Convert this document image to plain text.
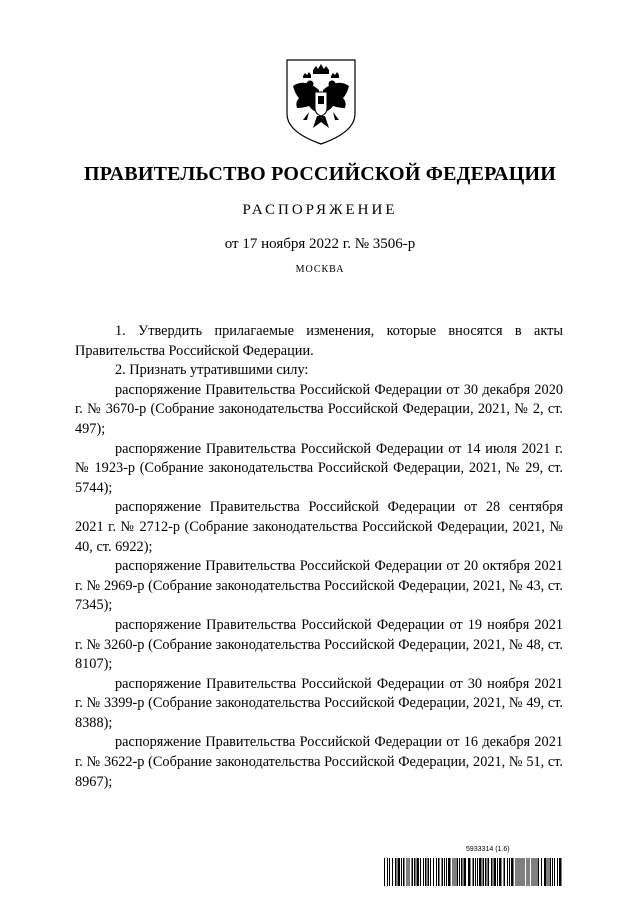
ПРАВИТЕЛЬСТВО РОССИЙСКОЙ ФЕДЕРАЦИИ
РАСПОРЯЖЕНИЕ
от 17 ноября 2022 г. № 3506-р
МОСКВА

1. Утвердить прилагаемые изменения, которые вносятся в акты Правительства Российской Федерации.

2. Признать утратившими силу:

распоряжение Правительства Российской Федерации от 30 декабря 2020 г. № 3670-р (Собрание законодательства Российской Федерации, 2021, № 2, ст. 497);

распоряжение Правительства Российской Федерации от 14 июля 2021 г. № 1923-р (Собрание законодательства Российской Федерации, 2021, № 29, ст. 5744);

распоряжение Правительства Российской Федерации от 28 сентября 2021 г. № 2712-р (Собрание законодательства Российской Федерации, 2021, № 40, ст. 6922);

распоряжение Правительства Российской Федерации от 20 октября 2021 г. № 2969-р (Собрание законодательства Российской Федерации, 2021, № 43, ст. 7345);

распоряжение Правительства Российской Федерации от 19 ноября 2021 г. № 3260-р (Собрание законодательства Российской Федерации, 2021, № 48, ст. 8107);

распоряжение Правительства Российской Федерации от 30 ноября 2021 г. № 3399-р (Собрание законодательства Российской Федерации, 2021, № 49, ст. 8388);

распоряжение Правительства Российской Федерации от 16 декабря 2021 г. № 3622-р (Собрание законодательства Российской Федерации, 2021, № 51, ст. 8967);

5933314 (1.6)
